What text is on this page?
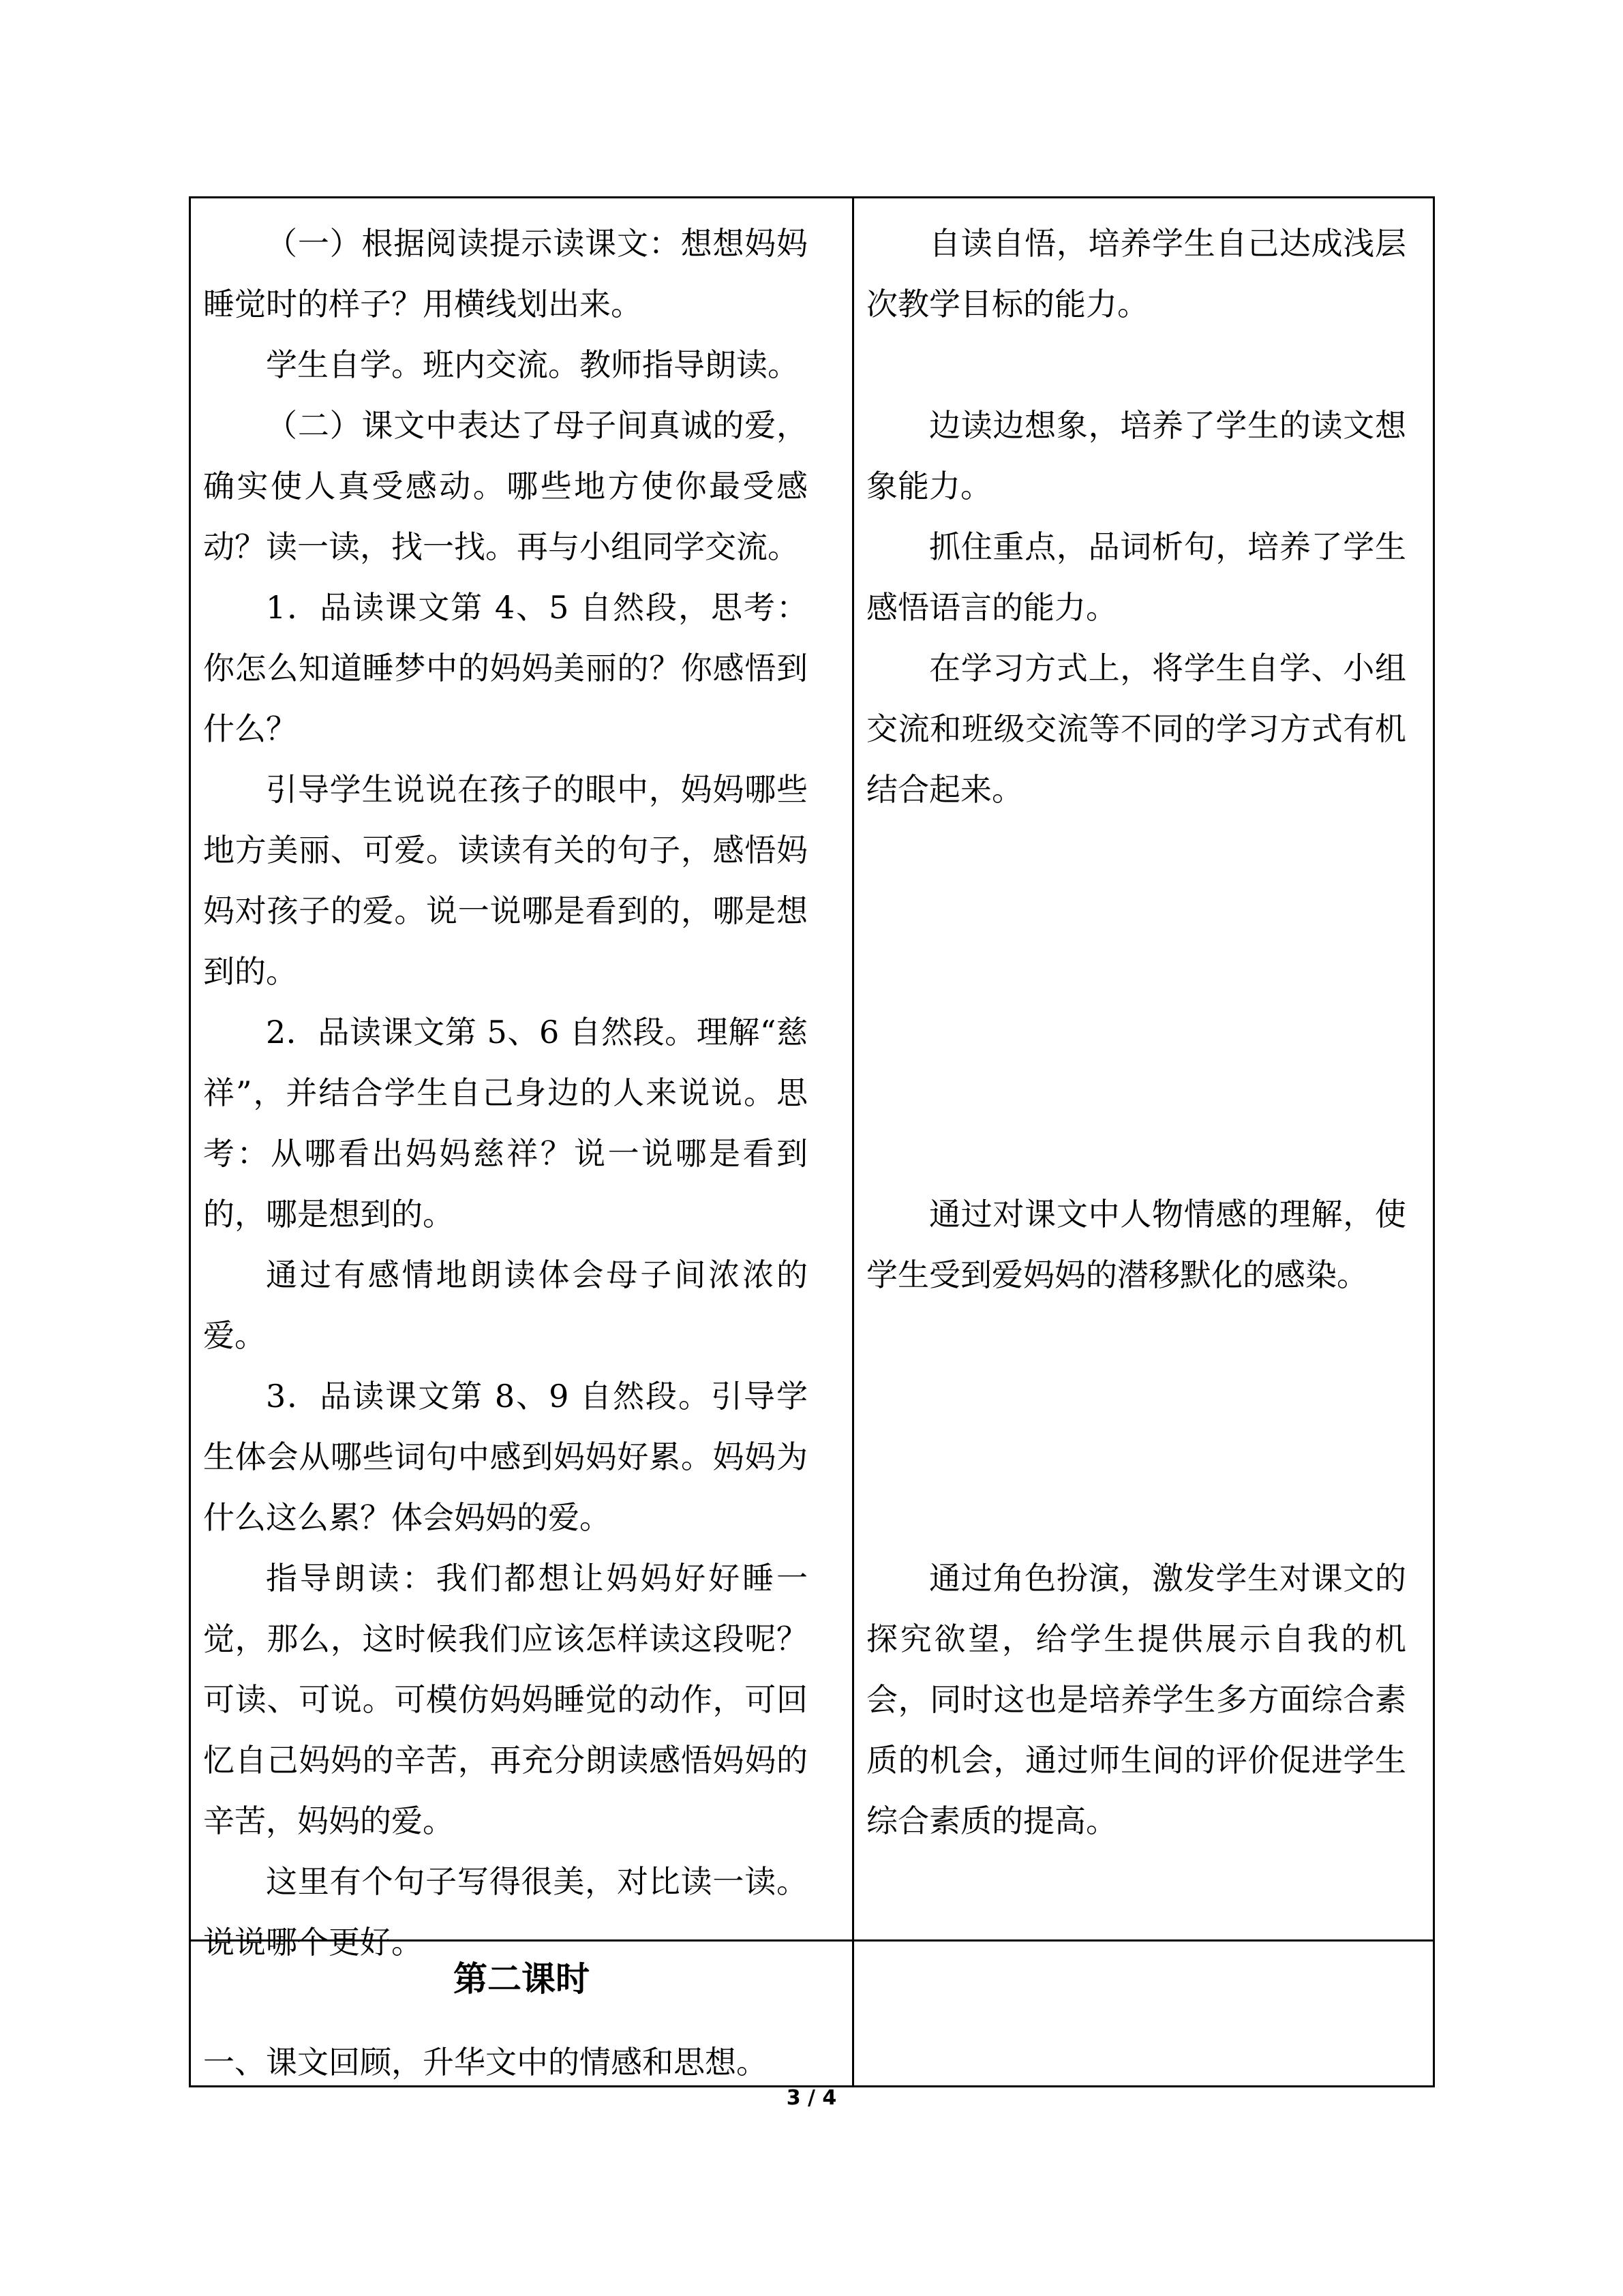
（一）根据阅读提示读课文：想想妈妈睡觉时的样子？用横线划出来。

学生自学。班内交流。教师指导朗读。

（二）课文中表达了母子间真诚的爱，确实使人真受感动。哪些地方使你最受感动？读一读，找一找。再与小组同学交流。

1．品读课文第 4、5 自然段，思考：你怎么知道睡梦中的妈妈美丽的？你感悟到什么？

引导学生说说在孩子的眼中，妈妈哪些地方美丽、可爱。读读有关的句子，感悟妈妈对孩子的爱。说一说哪是看到的，哪是想到的。

2．品读课文第 5、6 自然段。理解“慈祥”，并结合学生自己身边的人来说说。思考：从哪看出妈妈慈祥？说一说哪是看到的，哪是想到的。

通过有感情地朗读体会母子间浓浓的爱。

3．品读课文第 8、9 自然段。引导学生体会从哪些词句中感到妈妈好累。妈妈为什么这么累？体会妈妈的爱。

指导朗读：我们都想让妈妈好好睡一觉，那么，这时候我们应该怎样读这段呢？可读、可说。可模仿妈妈睡觉的动作，可回忆自己妈妈的辛苦，再充分朗读感悟妈妈的辛苦，妈妈的爱。

这里有个句子写得很美，对比读一读。说说哪个更好。

自读自悟，培养学生自己达成浅层次教学目标的能力。

边读边想象，培养了学生的读文想象能力。

抓住重点，品词析句，培养了学生感悟语言的能力。

在学习方式上，将学生自学、小组交流和班级交流等不同的学习方式有机结合起来。

通过对课文中人物情感的理解，使学生受到爱妈妈的潜移默化的感染。

通过角色扮演，激发学生对课文的探究欲望，给学生提供展示自我的机会，同时这也是培养学生多方面综合素质的机会，通过师生间的评价促进学生综合素质的提高。

第二课时
一、课文回顾，升华文中的情感和思想。
3 / 4
